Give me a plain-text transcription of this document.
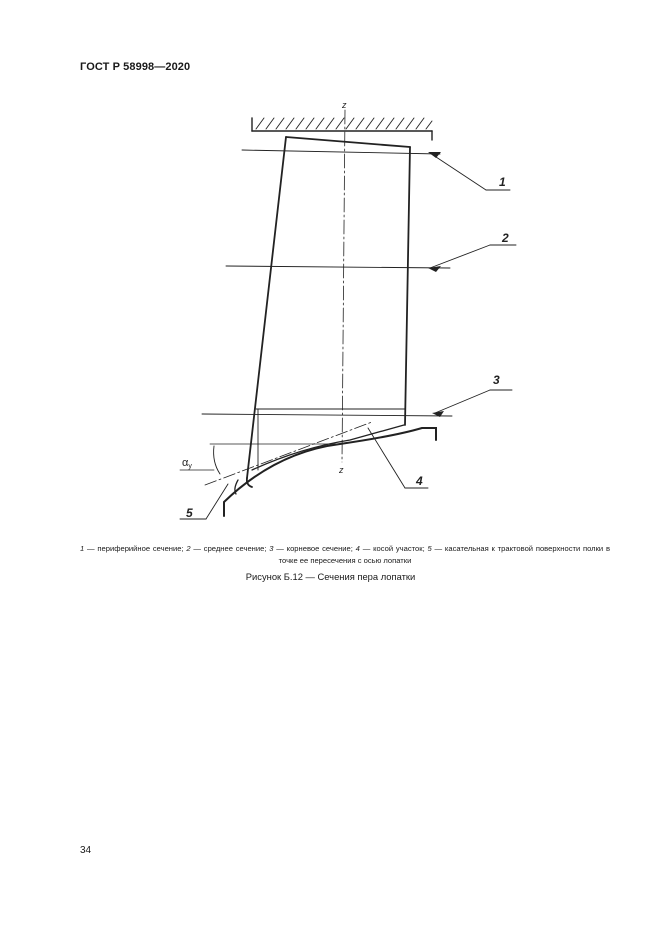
ГОСТ Р 58998—2020
z
z
1
2
3
4
5
αу
1 — периферийное сечение; 2 — среднее сечение; 3 — корневое сечение; 4 — косой участок; 5 — касательная к трактовой поверхности полки в точке ее пересечения с осью лопатки
Рисунок Б.12 — Сечения пера лопатки
34
